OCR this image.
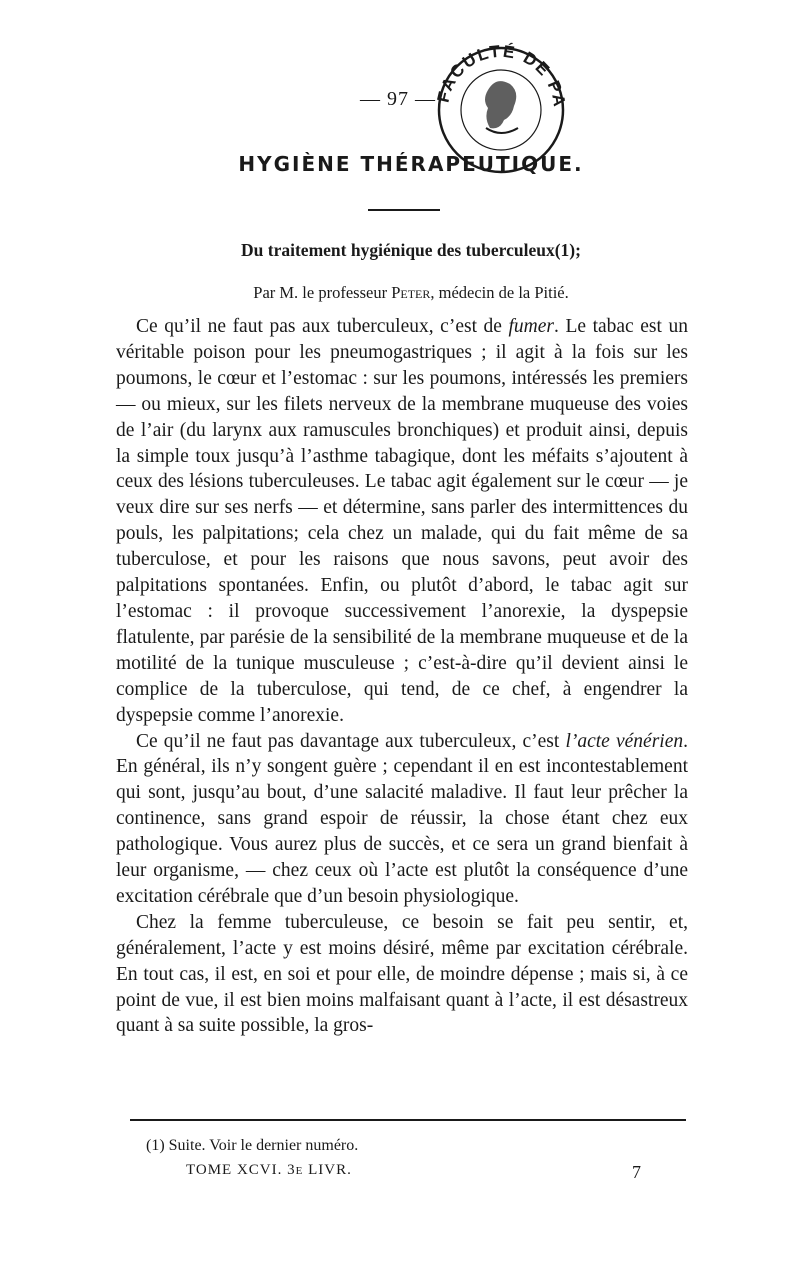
— 97 —
FACULTÉ DE PA
HYGIÈNE THÉRAPEUTIQUE.
Du traitement hygiénique des tuberculeux(1);
Par M. le professeur Peter, médecin de la Pitié.

Ce qu’il ne faut pas aux tuberculeux, c’est de fumer. Le tabac est un véritable poison pour les pneumogastriques ; il agit à la fois sur les poumons, le cœur et l’estomac : sur les poumons, intéressés les premiers — ou mieux, sur les filets nerveux de la membrane muqueuse des voies de l’air (du larynx aux ramuscules bronchiques) et produit ainsi, depuis la simple toux jusqu’à l’asthme tabagique, dont les méfaits s’ajoutent à ceux des lésions tuberculeuses. Le tabac agit également sur le cœur — je veux dire sur ses nerfs — et détermine, sans parler des intermittences du pouls, les palpitations; cela chez un malade, qui du fait même de sa tuberculose, et pour les raisons que nous savons, peut avoir des palpitations spontanées. Enfin, ou plutôt d’abord, le tabac agit sur l’estomac : il provoque successivement l’anorexie, la dyspepsie flatulente, par parésie de la sensibilité de la membrane muqueuse et de la motilité de la tunique musculeuse ; c’est-à-dire qu’il devient ainsi le complice de la tuberculose, qui tend, de ce chef, à engendrer la dyspepsie comme l’anorexie.

Ce qu’il ne faut pas davantage aux tuberculeux, c’est l’acte vénérien. En général, ils n’y songent guère ; cependant il en est incontestablement qui sont, jusqu’au bout, d’une salacité maladive. Il faut leur prêcher la continence, sans grand espoir de réussir, la chose étant chez eux pathologique. Vous aurez plus de succès, et ce sera un grand bienfait à leur organisme, — chez ceux où l’acte est plutôt la conséquence d’une excitation cérébrale que d’un besoin physiologique.

Chez la femme tuberculeuse, ce besoin se fait peu sentir, et, généralement, l’acte y est moins désiré, même par excitation cérébrale. En tout cas, il est, en soi et pour elle, de moindre dépense ; mais si, à ce point de vue, il est bien moins malfaisant quant à l’acte, il est désastreux quant à sa suite possible, la gros-

(1) Suite. Voir le dernier numéro.
TOME XCVI. 3e LIVR.	7
